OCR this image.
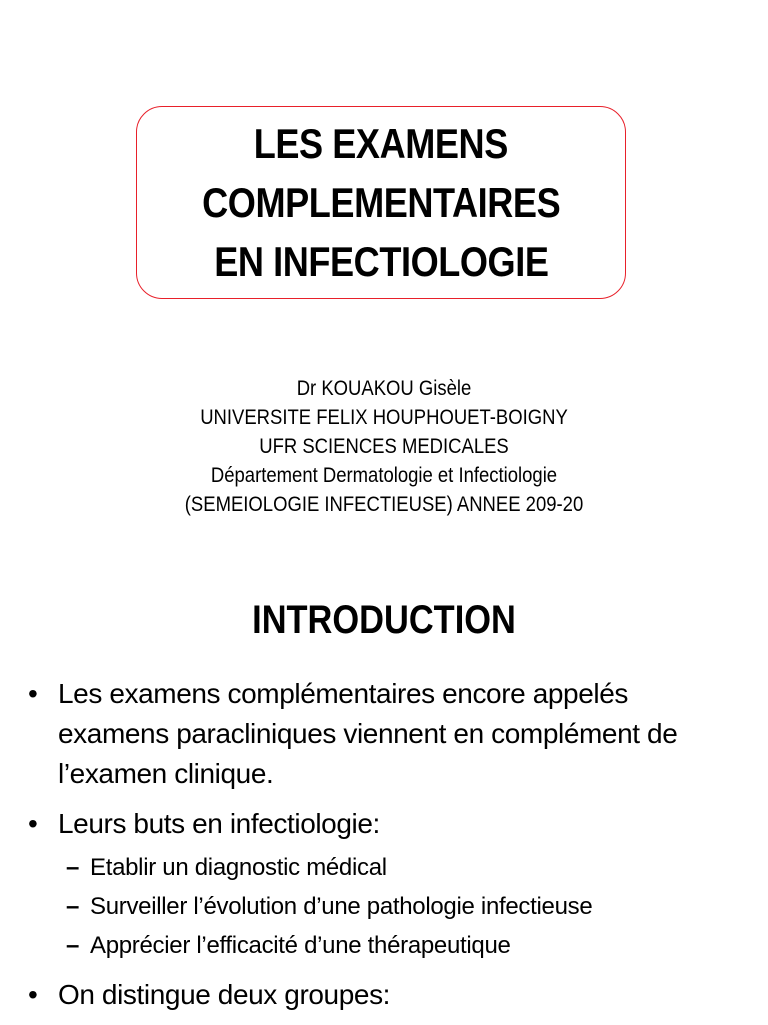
LES EXAMENS
COMPLEMENTAIRES
EN INFECTIOLOGIE
Dr KOUAKOU Gisèle
UNIVERSITE FELIX HOUPHOUET-BOIGNY
UFR SCIENCES MEDICALES
Département Dermatologie et Infectiologie
(SEMEIOLOGIE INFECTIEUSE) ANNEE 209-20
INTRODUCTION
• Les examens complémentaires encore appelés examens paracliniques viennent en complément de l’examen clinique.
• Leurs buts en infectiologie:
– Etablir un diagnostic médical
– Surveiller l’évolution d’une pathologie infectieuse
– Apprécier l’efficacité d’une thérapeutique
• On distingue deux groupes:
